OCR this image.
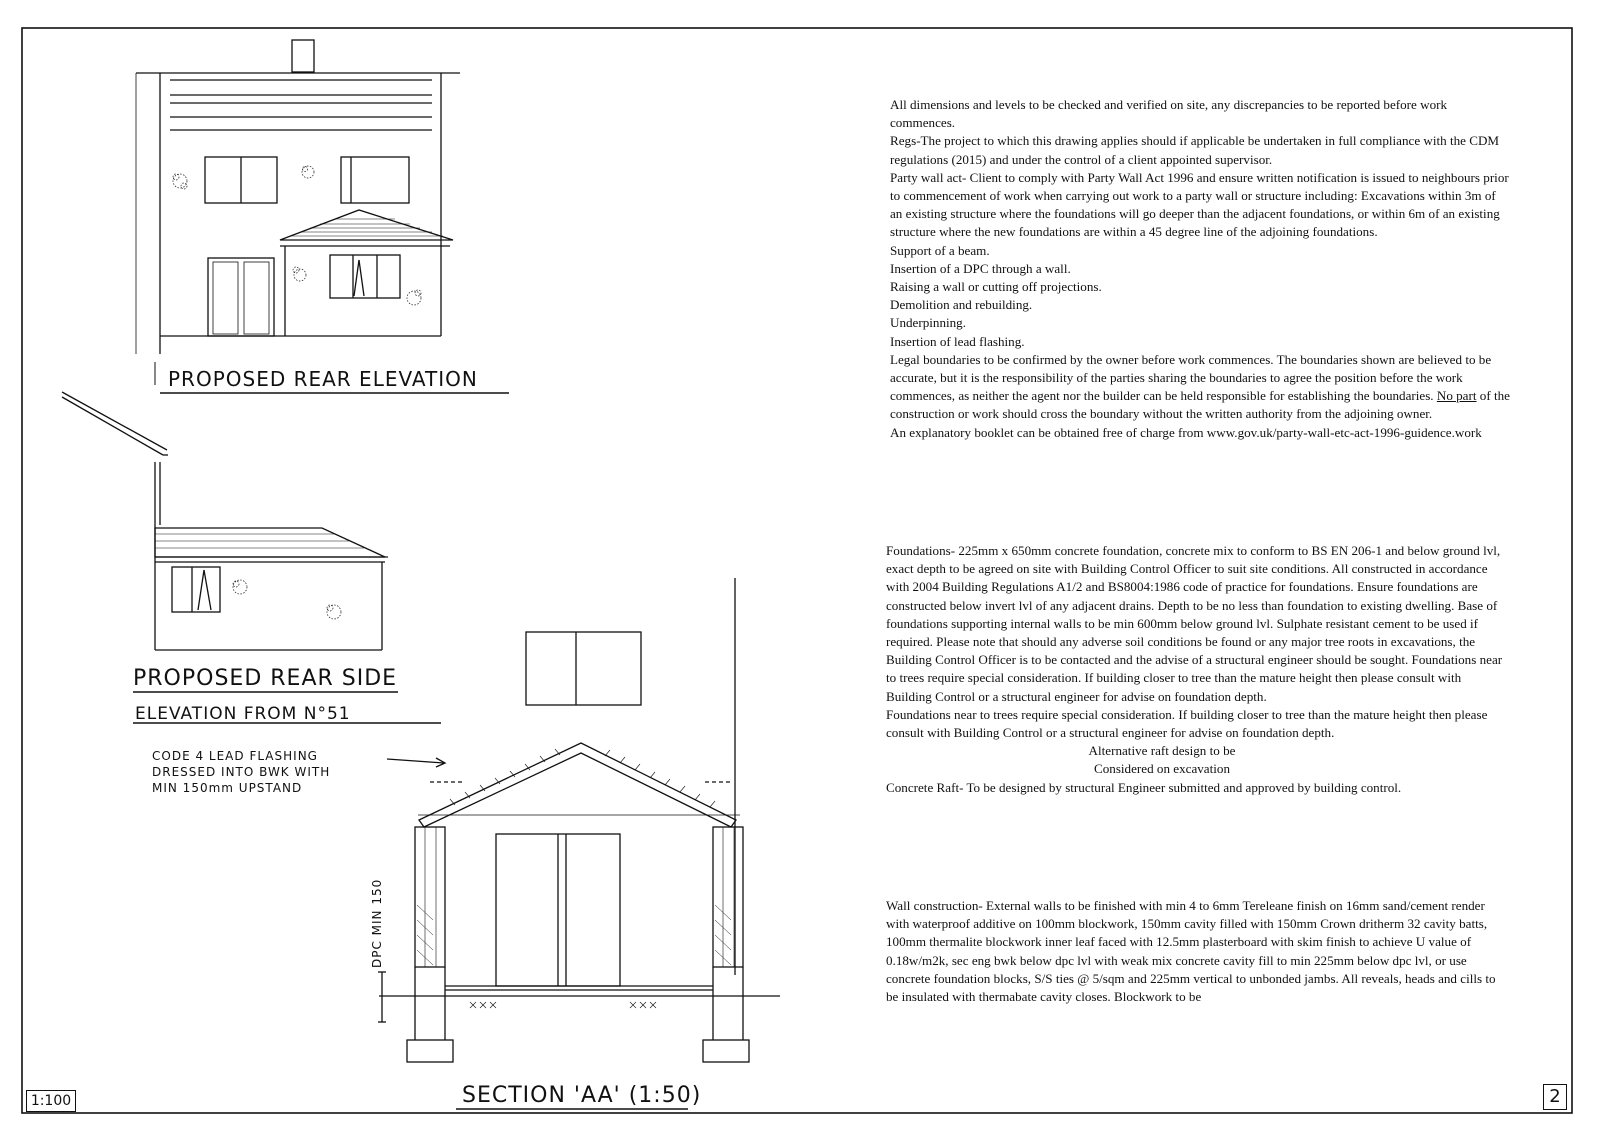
PROPOSED REAR ELEVATION
PROPOSED REAR SIDE
ELEVATION FROM N°51
CODE 4 LEAD FLASHING
DRESSED INTO BWK WITH
MIN 150mm UPSTAND
DPC MIN 150
SECTION 'AA' (1:50)
1:100	2

All dimensions and levels to be checked and verified on site, any discrepancies to be reported before work commences.

Regs-The project to which this drawing applies should if applicable be undertaken in full compliance with the CDM regulations (2015) and under the control of a client appointed supervisor.

Party wall act- Client to comply with Party Wall Act 1996 and ensure written notification is issued to neighbours prior to commencement of work when carrying out work to a party wall or structure including: Excavations within 3m of an existing structure where the foundations will go deeper than the adjacent foundations, or within 6m of an existing structure where the new foundations are within a 45 degree line of the adjoining foundations.

Support of a beam.

Insertion of a DPC through a wall.

Raising a wall or cutting off projections.

Demolition and rebuilding.

Underpinning.

Insertion of lead flashing.

Legal boundaries to be confirmed by the owner before work commences. The boundaries shown are believed to be accurate, but it is the responsibility of the parties sharing the boundaries to agree the position before the work commences, as neither the agent nor the builder can be held responsible for establishing the boundaries. No part of the construction or work should cross the boundary without the written authority from the adjoining owner.

An explanatory booklet can be obtained free of charge from www.gov.uk/party-wall-etc-act-1996-guidence.work

Foundations- 225mm x 650mm concrete foundation, concrete mix to conform to BS EN 206-1 and below ground lvl, exact depth to be agreed on site with Building Control Officer to suit site conditions. All constructed in accordance with 2004 Building Regulations A1/2 and BS8004:1986 code of practice for foundations. Ensure foundations are constructed below invert lvl of any adjacent drains. Depth to be no less than foundation to existing dwelling. Base of foundations supporting internal walls to be min 600mm below ground lvl. Sulphate resistant cement to be used if required. Please note that should any adverse soil conditions be found or any major tree roots in excavations, the Building Control Officer is to be contacted and the advise of a structural engineer should be sought. Foundations near to trees require special consideration. If building closer to tree than the mature height then please consult with Building Control or a structural engineer for advise on foundation depth.

Foundations near to trees require special consideration. If building closer to tree than the mature height then please consult with Building Control or a structural engineer for advise on foundation depth.

Alternative raft design to be

Considered on excavation

Concrete Raft- To be designed by structural Engineer submitted and approved by building control.

Wall construction- External walls to be finished with min 4 to 6mm Tereleane finish on 16mm sand/cement render with waterproof additive on 100mm blockwork, 150mm cavity filled with 150mm Crown dritherm 32 cavity batts, 100mm thermalite blockwork inner leaf faced with 12.5mm plasterboard with skim finish to achieve U value of 0.18w/m2k, sec eng bwk below dpc lvl with weak mix concrete cavity fill to min 225mm below dpc lvl, or use concrete foundation blocks, S/S ties @ 5/sqm and 225mm vertical to unbonded jambs. All reveals, heads and cills to be insulated with thermabate cavity closes. Blockwork to be
